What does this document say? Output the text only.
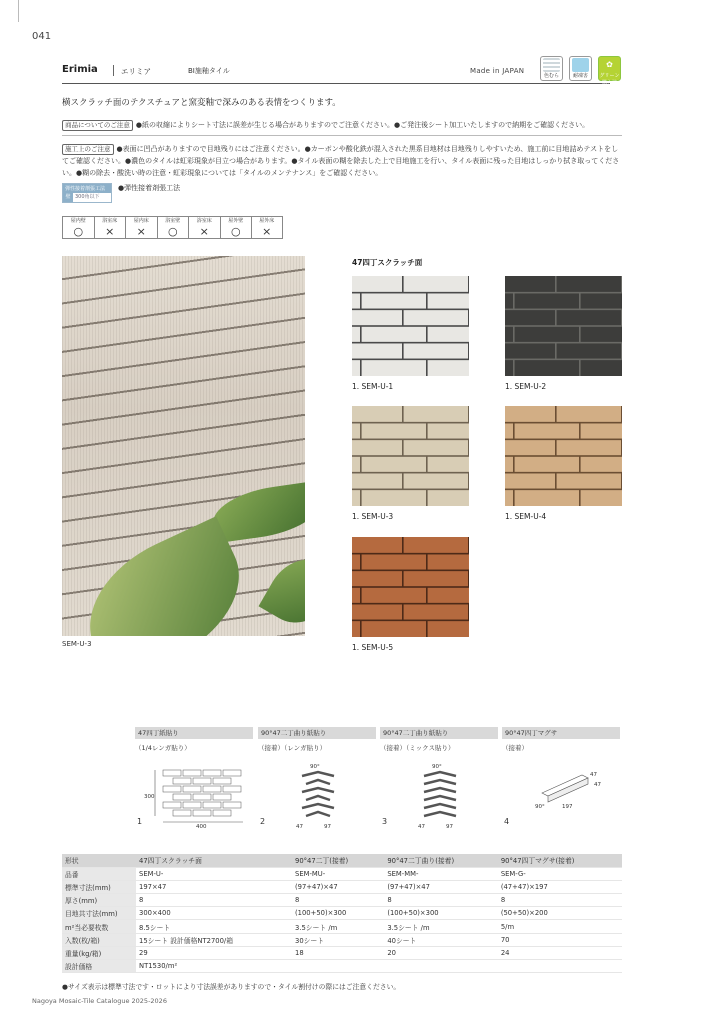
041
Erimia	エリミア	BI施釉タイル	Made in JAPAN
色むら	耐凍害
✿
グリーン購入法
横スクラッチ面のテクスチュアと窯変釉で深みのある表情をつくります。
商品についてのご注意 ●紙の収縮によりシート寸法に誤差が生じる場合がありますのでご注意ください。●ご発注後シート加工いたしますので納期をご確認ください。
施工上のご注意 ●表面に凹凸がありますので目地残りにはご注意ください。●カーボンや酸化鉄が混入された黒系目地材は目地残りしやすいため、施工前に目地詰めテストをしてご確認ください。●濃色のタイルは虹彩現象が目立つ場合があります。●タイル表面の糊を除去した上で目地施工を行い、タイル表面に残った目地はしっかり拭き取ってください。●糊の除去・酸洗い時の注意・虹彩現象については「タイルのメンテナンス」をご確認ください。
弾性接着剤張工法
壁 300角以下
●弾性接着剤張工法
屋内壁
○
浴室床
×
屋内床
×
浴室壁
○
浴室床
×
屋外壁
○
屋外床
×
SEM-U-3
47四丁スクラッチ面
1. SEM-U-1	1. SEM-U-2
1. SEM-U-3	1. SEM-U-4
1. SEM-U-5
47四丁紙貼り
（1/4レンガ貼り）
1
300
400
90°47二丁曲り紙貼り
（接着）（レンガ貼り）
2
90°
47	97
90°47二丁曲り紙貼り
（接着）（ミックス貼り）
3
90°
47	97
90°47四丁マグサ
（接着）
4
47
47
90°	197
形状	47四丁スクラッチ面	90°47二丁(接着)	90°47二丁曲り(接着)	90°47四丁マグサ(接着)
品番	SEM-U-	SEM-MU-	SEM-MM-	SEM-G-
標準寸法(mm)	197×47	(97+47)×47	(97+47)×47	(47+47)×197
厚さ(mm)	8	8	8	8
目地共寸法(mm)	300×400	(100+50)×300	(100+50)×300	(50+50)×200
m²当必要枚数	8.5シート	3.5シート /m	3.5シート /m	5/m
入数(枚/箱)	15シート 設計価格NT2700/箱	30シート	40シート	70
重量(kg/箱)	29	18	20	24
設計価格	NT1530/m²			
●サイズ表示は標準寸法です・ロットにより寸法誤差がありますので・タイル割付けの際にはご注意ください。
Nagoya Mosaic-Tile Catalogue 2025-2026
